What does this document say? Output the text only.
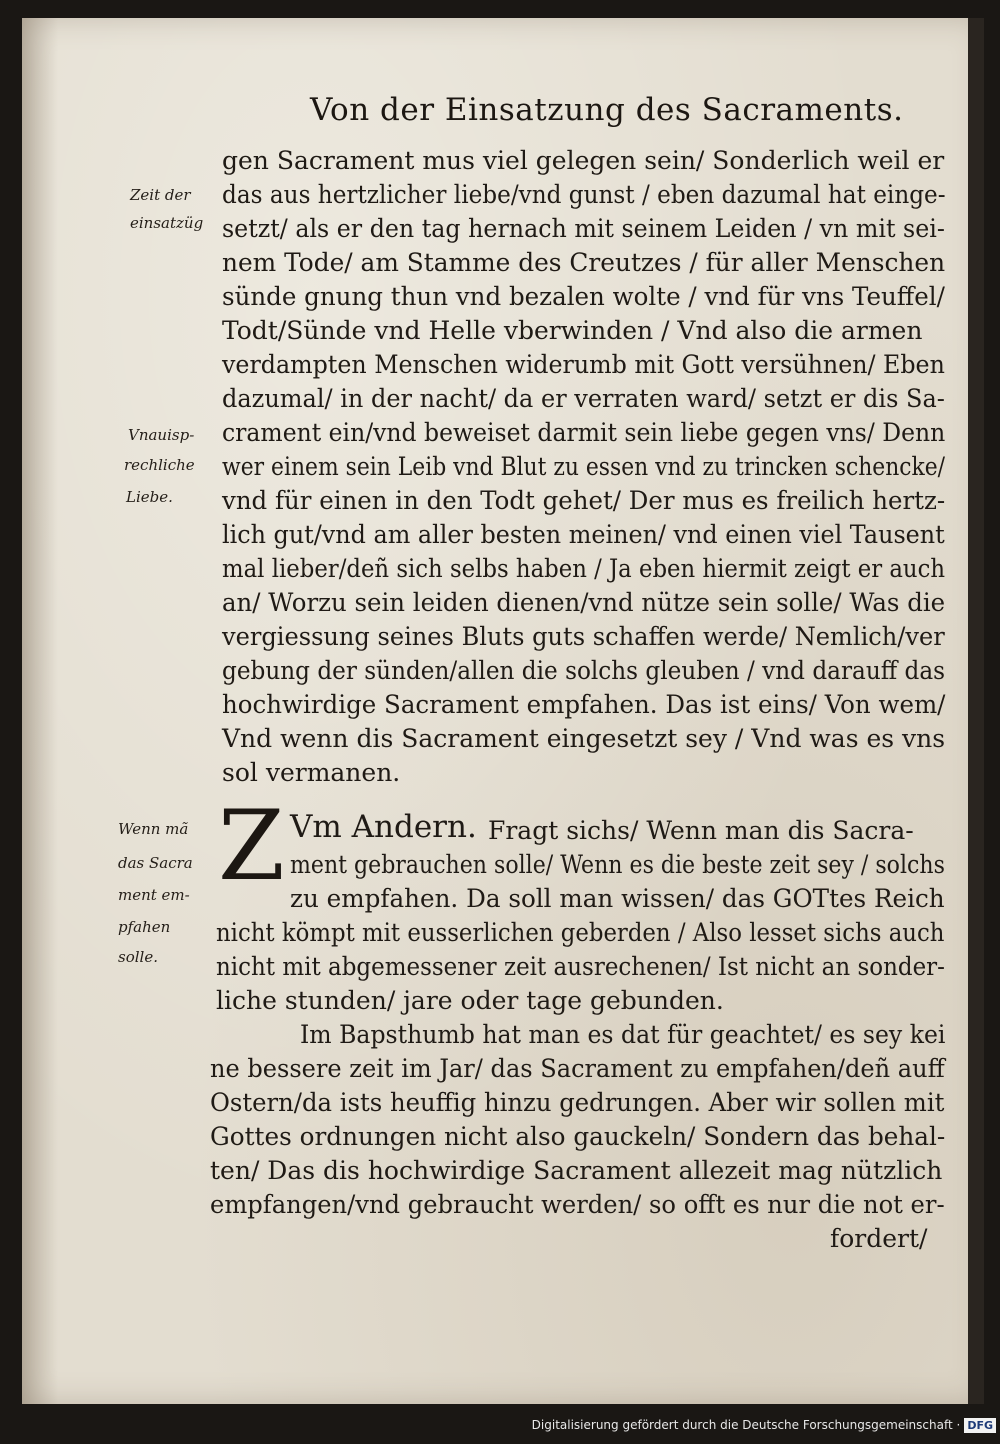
Von der Einsatzung des Sacraments.
Zeit der
einsatzüg
Vnauisp-
rechliche
Liebe.
Wenn mã
das Sacra
ment em-
pfahen
solle.
gen Sacrament mus viel gelegen sein/ Sonderlich weil er
das aus hertzlicher liebe/vnd gunst / eben dazumal hat einge-
setzt/ als er den tag hernach mit seinem Leiden / vn mit sei-
nem Tode/ am Stamme des Creutzes / für aller Menschen
sünde gnung thun vnd bezalen wolte / vnd für vns Teuffel/
Todt/Sünde vnd Helle vberwinden / Vnd also die armen
verdampten Menschen widerumb mit Gott versühnen/ Eben
dazumal/ in der nacht/ da er verraten ward/ setzt er dis Sa-
crament ein/vnd beweiset darmit sein liebe gegen vns/ Denn
wer einem sein Leib vnd Blut zu essen vnd zu trincken schencke/
vnd für einen in den Todt gehet/ Der mus es freilich hertz-
lich gut/vnd am aller besten meinen/ vnd einen viel Tausent
mal lieber/deñ sich selbs haben / Ja eben hiermit zeigt er auch
an/ Worzu sein leiden dienen/vnd nütze sein solle/ Was die
vergiessung seines Bluts guts schaffen werde/ Nemlich/ver
gebung der sünden/allen die solchs gleuben / vnd darauff das
hochwirdige Sacrament empfahen. Das ist eins/ Von wem/
Vnd wenn dis Sacrament eingesetzt sey / Vnd was es vns
sol vermanen.
Z Vm Andern. Fragt sichs/ Wenn man dis Sacra-
ment gebrauchen solle/ Wenn es die beste zeit sey / solchs
zu empfahen. Da soll man wissen/ das GOTtes Reich
nicht kömpt mit eusserlichen geberden / Also lesset sichs auch
nicht mit abgemessener zeit ausrechenen/ Ist nicht an sonder-
liche stunden/ jare oder tage gebunden.
Im Bapsthumb hat man es dat für geachtet/ es sey kei
ne bessere zeit im Jar/ das Sacrament zu empfahen/deñ auff
Ostern/da ists heuffig hinzu gedrungen. Aber wir sollen mit
Gottes ordnungen nicht also gauckeln/ Sondern das behal-
ten/ Das dis hochwirdige Sacrament allezeit mag nützlich
empfangen/vnd gebraucht werden/ so offt es nur die not er-
fordert/
Digitalisierung gefördert durch die Deutsche Forschungsgemeinschaft · DFG
